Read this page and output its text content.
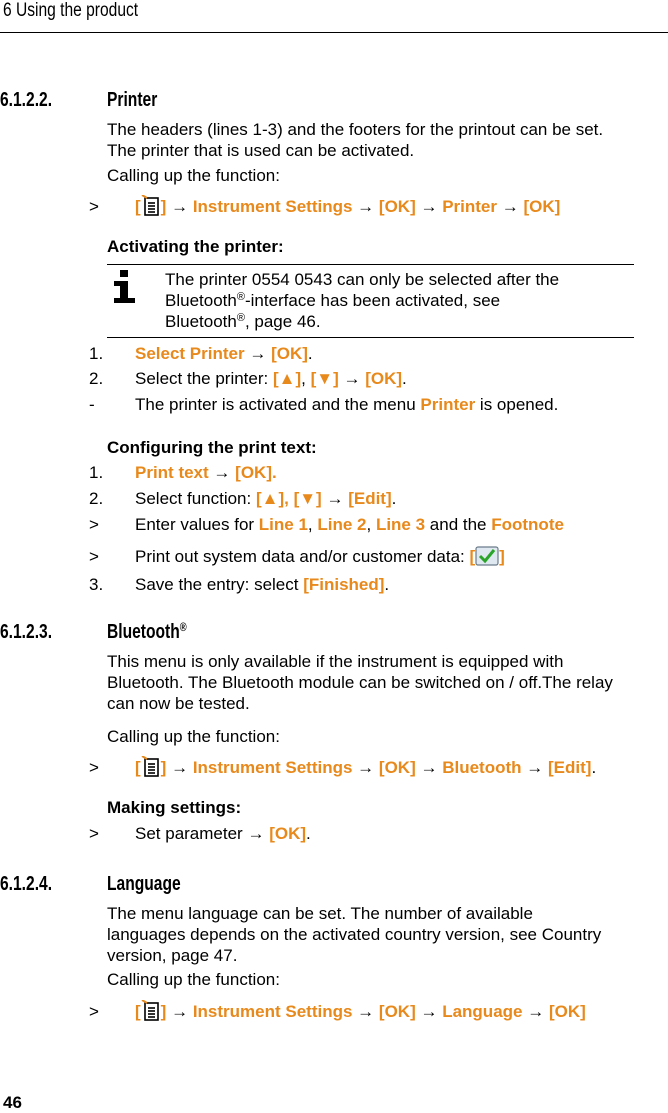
6 Using the product
6.1.2.2.	Printer
The headers (lines 1-3) and the footers for the printout can be set.
The printer that is used can be activated.
Calling up the function:
> [ ] → Instrument Settings → [OK] → Printer → [OK]
Activating the printer:
The printer 0554 0543 can only be selected after the
Bluetooth®-interface has been activated, see
Bluetooth®, page 46.
1. Select Printer → [OK].
2. Select the printer: [▲], [▼] → [OK].
- The printer is activated and the menu Printer is opened.
Configuring the print text:
1. Print text → [OK].
2. Select function: [▲], [▼] → [Edit].
> Enter values for Line 1, Line 2, Line 3 and the Footnote
> Print out system data and/or customer data: [ ]
3. Save the entry: select [Finished].
6.1.2.3.	Bluetooth®
This menu is only available if the instrument is equipped with
Bluetooth. The Bluetooth module can be switched on / off.The relay
can now be tested.
Calling up the function:
> [ ] → Instrument Settings → [OK] → Bluetooth → [Edit].
Making settings:
> Set parameter → [OK].
6.1.2.4.	Language
The menu language can be set. The number of available
languages depends on the activated country version, see Country
version, page 47.
Calling up the function:
> [ ] → Instrument Settings → [OK] → Language → [OK]
46
